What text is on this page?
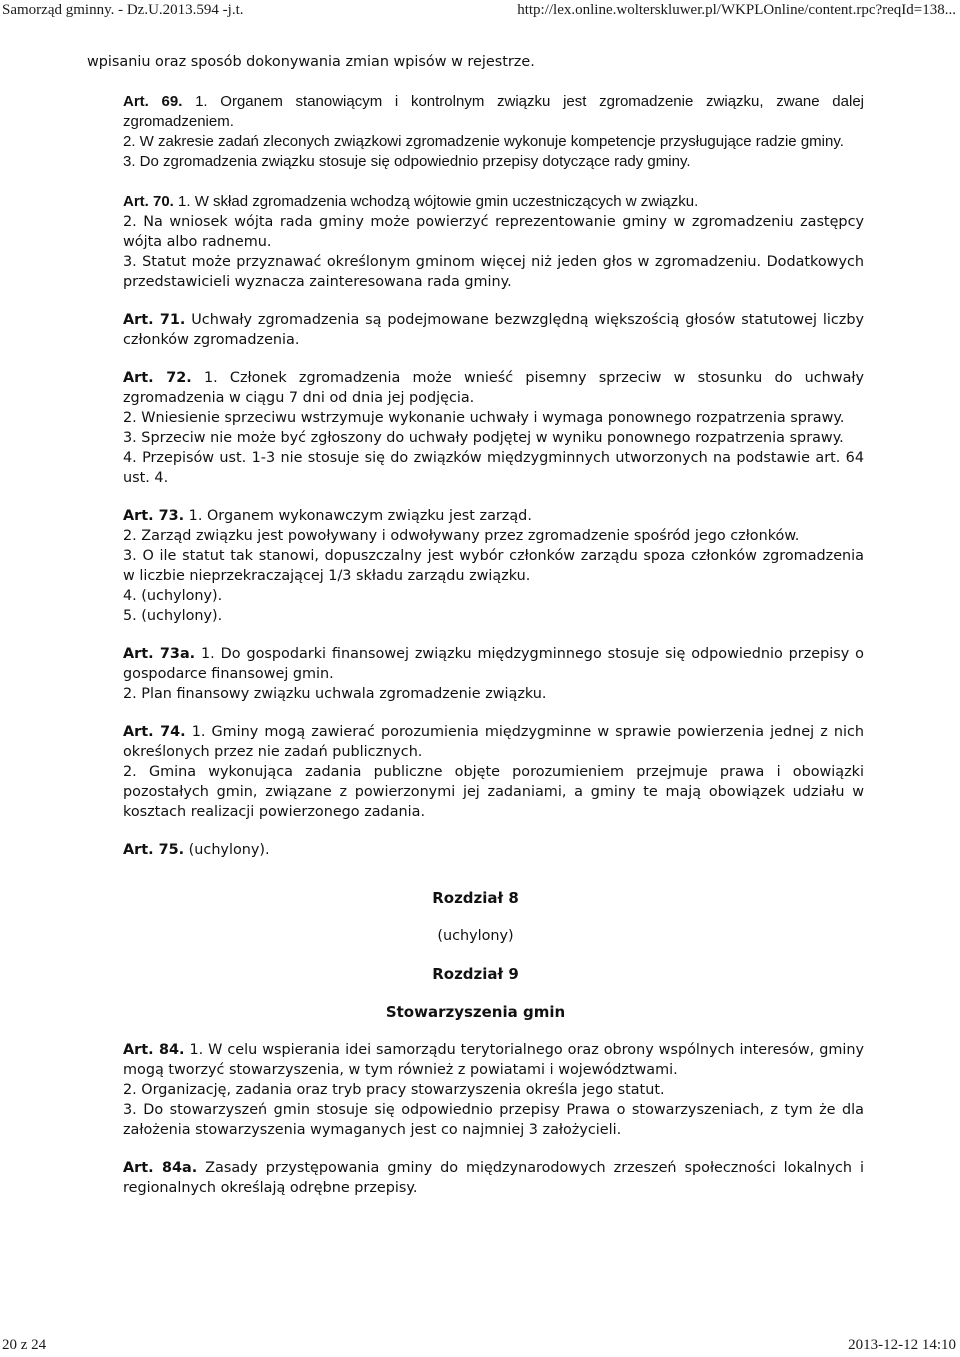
Samorząd gminny. - Dz.U.2013.594 -j.t.	http://lex.online.wolterskluwer.pl/WKPLOnline/content.rpc?reqId=138...

wpisaniu oraz sposób dokonywania zmian wpisów w rejestrze.

Art. 69. 1. Organem stanowiącym i kontrolnym związku jest zgromadzenie związku, zwane dalej zgromadzeniem.

2. W zakresie zadań zleconych związkowi zgromadzenie wykonuje kompetencje przysługujące radzie gminy.

3. Do zgromadzenia związku stosuje się odpowiednio przepisy dotyczące rady gminy.

Art. 70. 1. W skład zgromadzenia wchodzą wójtowie gmin uczestniczących w związku.

2. Na wniosek wójta rada gminy może powierzyć reprezentowanie gminy w zgromadzeniu zastępcy wójta albo radnemu.

3. Statut może przyznawać określonym gminom więcej niż jeden głos w zgromadzeniu. Dodatkowych przedstawicieli wyznacza zainteresowana rada gminy.

Art. 71. Uchwały zgromadzenia są podejmowane bezwzględną większością głosów statutowej liczby członków zgromadzenia.

Art. 72. 1. Członek zgromadzenia może wnieść pisemny sprzeciw w stosunku do uchwały zgromadzenia w ciągu 7 dni od dnia jej podjęcia.

2. Wniesienie sprzeciwu wstrzymuje wykonanie uchwały i wymaga ponownego rozpatrzenia sprawy.

3. Sprzeciw nie może być zgłoszony do uchwały podjętej w wyniku ponownego rozpatrzenia sprawy.

4. Przepisów ust. 1-3 nie stosuje się do związków międzygminnych utworzonych na podstawie art. 64 ust. 4.

Art. 73. 1. Organem wykonawczym związku jest zarząd.

2. Zarząd związku jest powoływany i odwoływany przez zgromadzenie spośród jego członków.

3. O ile statut tak stanowi, dopuszczalny jest wybór członków zarządu spoza członków zgromadzenia w liczbie nieprzekraczającej 1/3 składu zarządu związku.

4. (uchylony).

5. (uchylony).

Art. 73a. 1. Do gospodarki finansowej związku międzygminnego stosuje się odpowiednio przepisy o gospodarce finansowej gmin.

2. Plan finansowy związku uchwala zgromadzenie związku.

Art. 74. 1. Gminy mogą zawierać porozumienia międzygminne w sprawie powierzenia jednej z nich określonych przez nie zadań publicznych.

2. Gmina wykonująca zadania publiczne objęte porozumieniem przejmuje prawa i obowiązki pozostałych gmin, związane z powierzonymi jej zadaniami, a gminy te mają obowiązek udziału w kosztach realizacji powierzonego zadania.

Art. 75. (uchylony).

Rozdział 8

(uchylony)

Rozdział 9

Stowarzyszenia gmin

Art. 84. 1. W celu wspierania idei samorządu terytorialnego oraz obrony wspólnych interesów, gminy mogą tworzyć stowarzyszenia, w tym również z powiatami i województwami.

2. Organizację, zadania oraz tryb pracy stowarzyszenia określa jego statut.

3. Do stowarzyszeń gmin stosuje się odpowiednio przepisy Prawa o stowarzyszeniach, z tym że dla założenia stowarzyszenia wymaganych jest co najmniej 3 założycieli.

Art. 84a. Zasady przystępowania gminy do międzynarodowych zrzeszeń społeczności lokalnych i regionalnych określają odrębne przepisy.

20 z 24	2013-12-12 14:10
